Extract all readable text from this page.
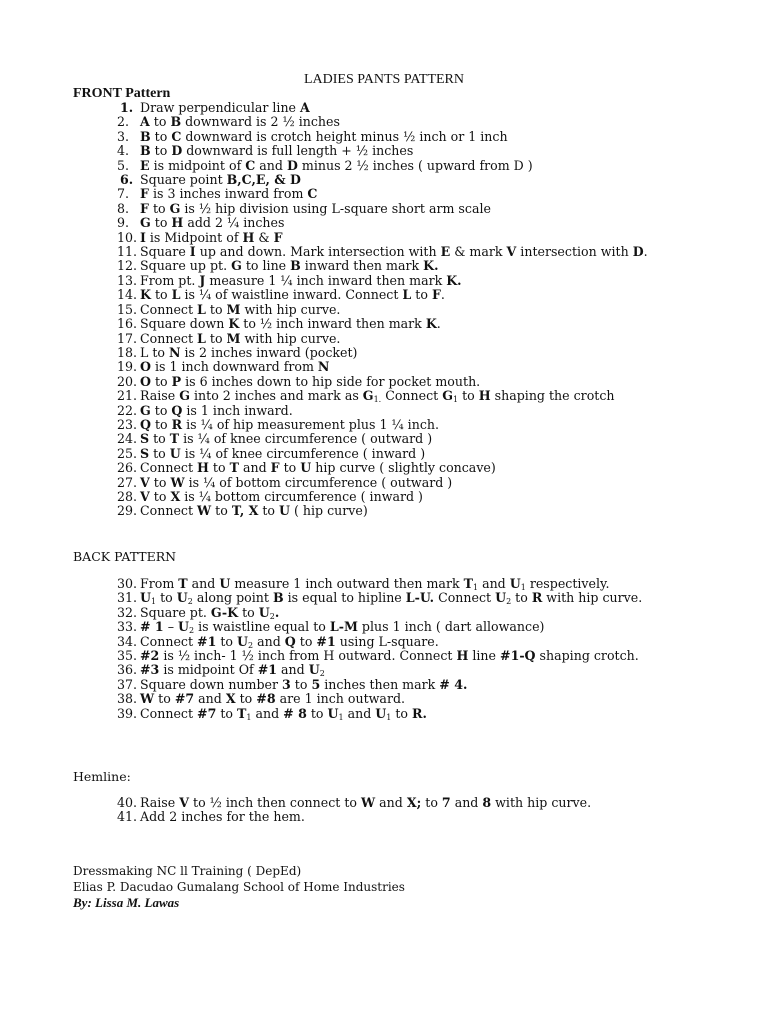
LADIES PANTS PATTERN
FRONT Pattern
1. Draw perpendicular line A
2. A to B downward is 2 ½ inches
3. B to C downward is crotch height minus ½ inch or 1 inch
4. B to D downward is full length + ½ inches
5. E is midpoint of C and D minus 2 ½ inches ( upward from D )
6. Square point B,C,E, & D
7. F is 3 inches inward from C
8. F to G is ½ hip division using L-square short arm scale
9. G to H add 2 ¼ inches
10. I is Midpoint of H & F
11. Square I up and down. Mark intersection with E & mark V intersection with D.
12. Square up pt. G to line B inward then mark K.
13. From pt. J measure 1 ¼ inch inward then mark K.
14. K to L is ¼ of waistline inward. Connect L to F.
15. Connect L to M with hip curve.
16. Square down K to ½ inch inward then mark K.
17. Connect L to M with hip curve.
18. L to N is 2 inches inward (pocket)
19. O is 1 inch downward from N
20. O to P is 6 inches down to hip side for pocket mouth.
21. Raise G into 2 inches and mark as $G_{1.}$ Connect $G_1$ to H shaping the crotch
22. G to Q is 1 inch inward.
23. Q to R is ¼ of hip measurement plus 1 ¼ inch.
24. S to T is ¼ of knee circumference ( outward )
25. S to U is ¼ of knee circumference ( inward )
26. Connect H to T and F to U hip curve ( slightly concave)
27. V to W is ¼ of bottom circumference ( outward )
28. V to X is ¼ bottom circumference ( inward )
29. Connect W to T, X to U ( hip curve)
BACK PATTERN
30. From T and U measure 1 inch outward then mark $T_1$ and $U_1$ respectively.
31. $U_1$ to $U_2$ along point B is equal to hipline L-U. Connect $U_2$ to R with hip curve.
32. Square pt. G-K to $U_2$.
33. # $1 - U_2$ is waistline equal to L-M plus 1 inch ( dart allowance)
34. Connect #1 to $U_2$ and Q to #1 using L-square.
35. #2 is ½ inch- 1 ½ inch from H outward. Connect H line #1-Q shaping crotch.
36. #3 is midpoint Of #1 and $U_2$
37. Square down number 3 to 5 inches then mark # 4.
38. W to #7 and X to #8 are 1 inch outward.
39. Connect #7 to $T_1$ and # 8 to $U_1$ and $U_1$ to R.
Hemline:
40. Raise V to ½ inch then connect to W and X; to 7 and 8 with hip curve.
41. Add 2 inches for the hem.
Dressmaking NC ll Training ( DepEd)
Elias P. Dacudao Gumalang School of Home Industries
By: Lissa M. Lawas
